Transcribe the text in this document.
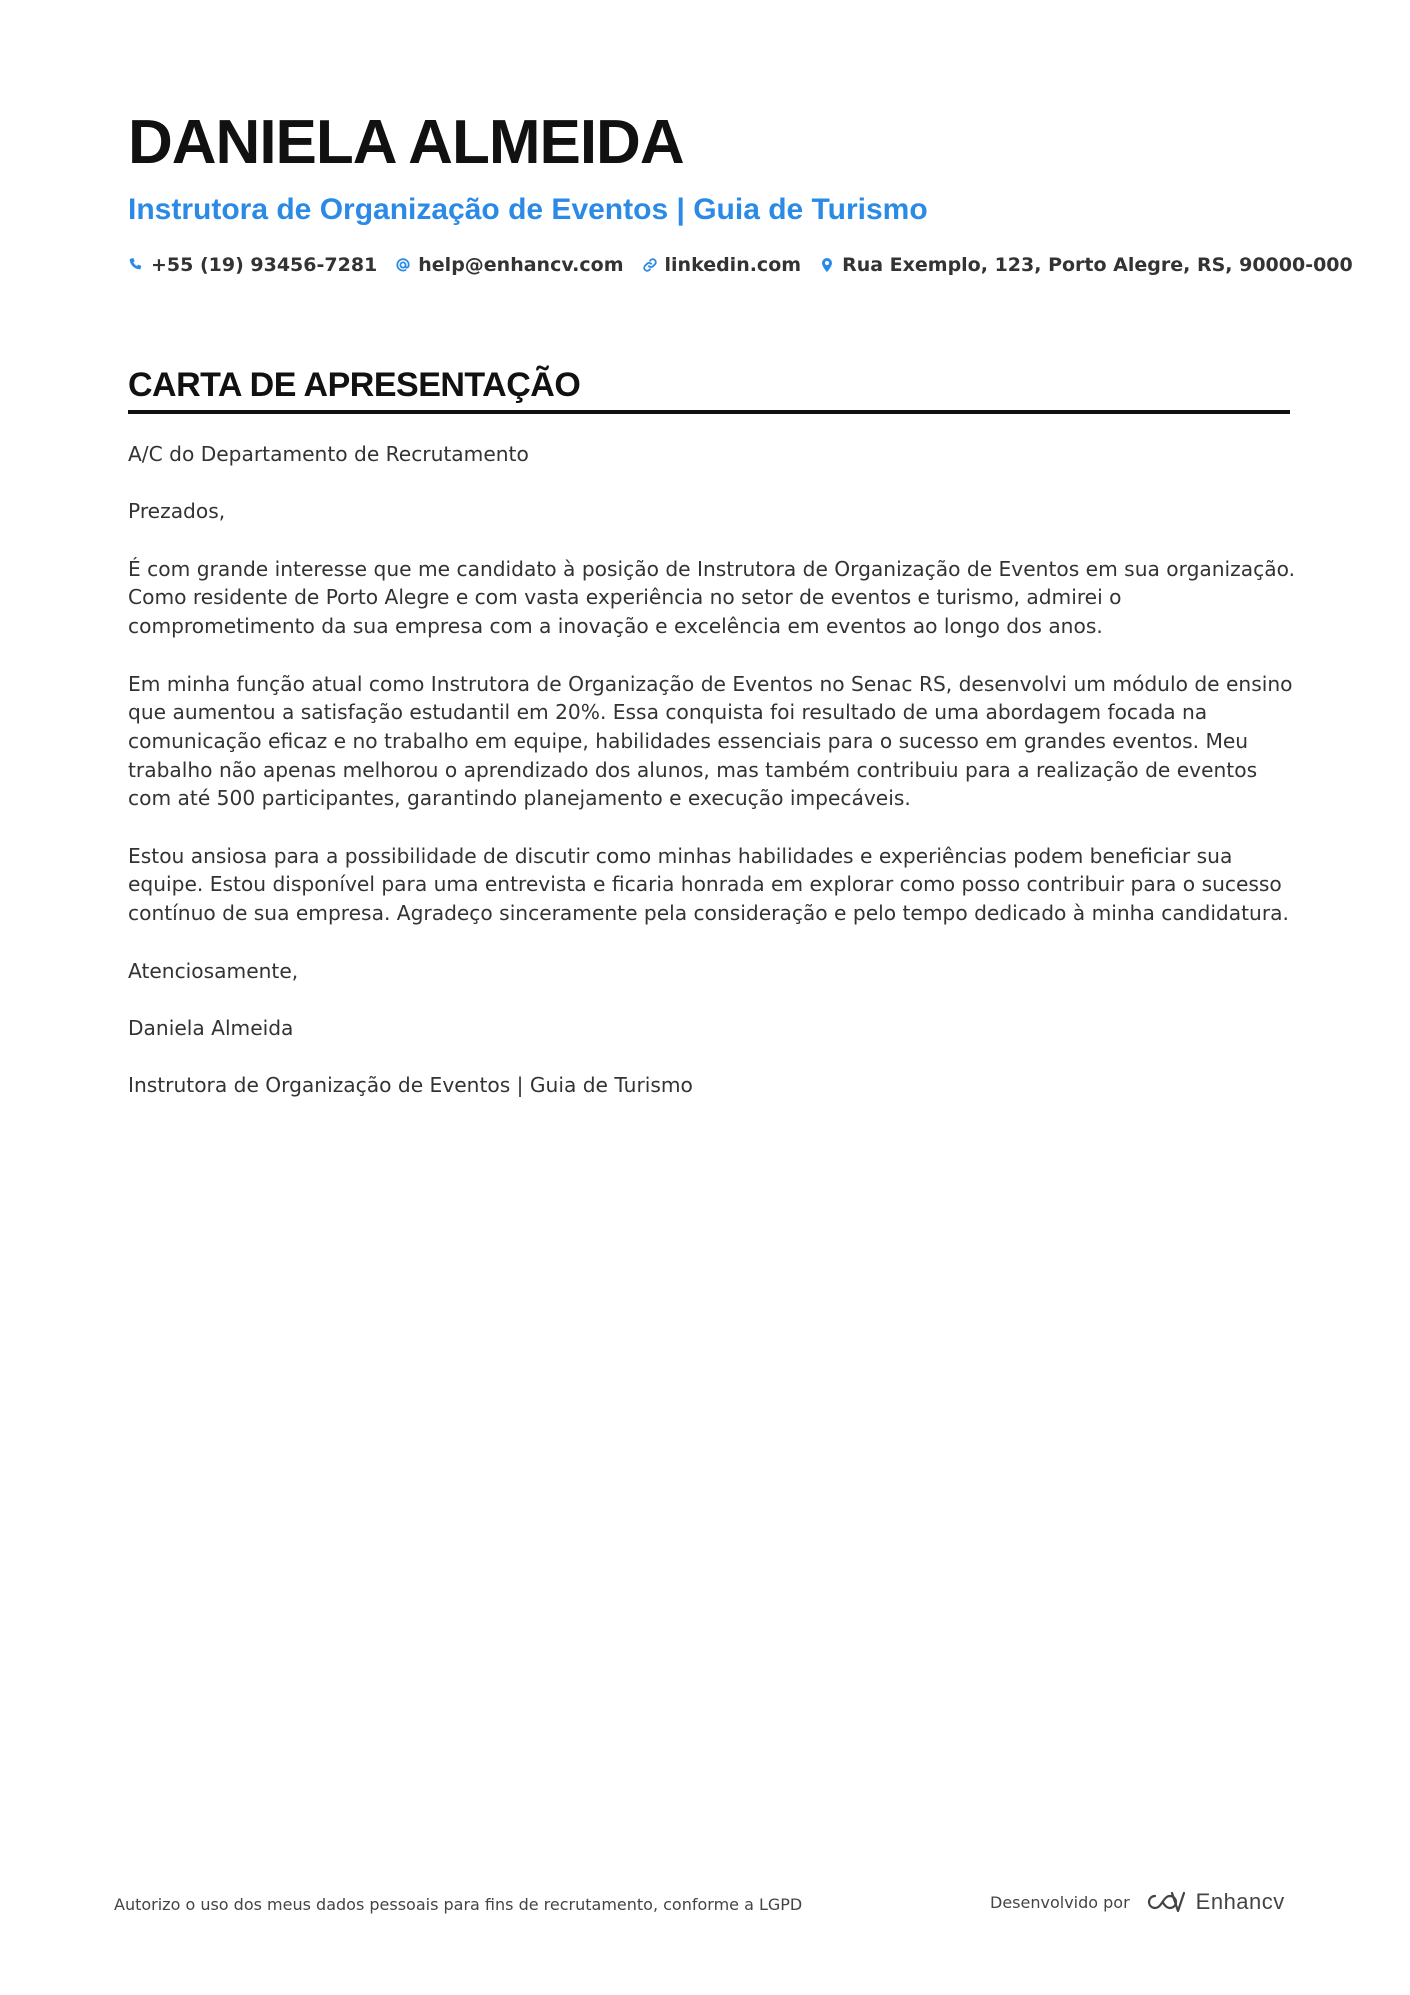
DANIELA ALMEIDA
Instrutora de Organização de Eventos | Guia de Turismo
+55 (19) 93456-7281 help@enhancv.com linkedin.com Rua Exemplo, 123, Porto Alegre, RS, 90000-000
CARTA DE APRESENTAÇÃO

A/C do Departamento de Recrutamento

Prezados,

É com grande interesse que me candidato à posição de Instrutora de Organização de Eventos em sua organização. Como residente de Porto Alegre e com vasta experiência no setor de eventos e turismo, admirei o comprometimento da sua empresa com a inovação e excelência em eventos ao longo dos anos.

Em minha função atual como Instrutora de Organização de Eventos no Senac RS, desenvolvi um módulo de ensino que aumentou a satisfação estudantil em 20%. Essa conquista foi resultado de uma abordagem focada na comunicação eficaz e no trabalho em equipe, habilidades essenciais para o sucesso em grandes eventos. Meu trabalho não apenas melhorou o aprendizado dos alunos, mas também contribuiu para a realização de eventos com até 500 participantes, garantindo planejamento e execução impecáveis.

Estou ansiosa para a possibilidade de discutir como minhas habilidades e experiências podem beneficiar sua equipe. Estou disponível para uma entrevista e ficaria honrada em explorar como posso contribuir para o sucesso contínuo de sua empresa. Agradeço sinceramente pela consideração e pelo tempo dedicado à minha candidatura.

Atenciosamente,

Daniela Almeida

Instrutora de Organização de Eventos | Guia de Turismo

Autorizo o uso dos meus dados pessoais para fins de recrutamento, conforme a LGPD	Desenvolvido por	Enhancv
